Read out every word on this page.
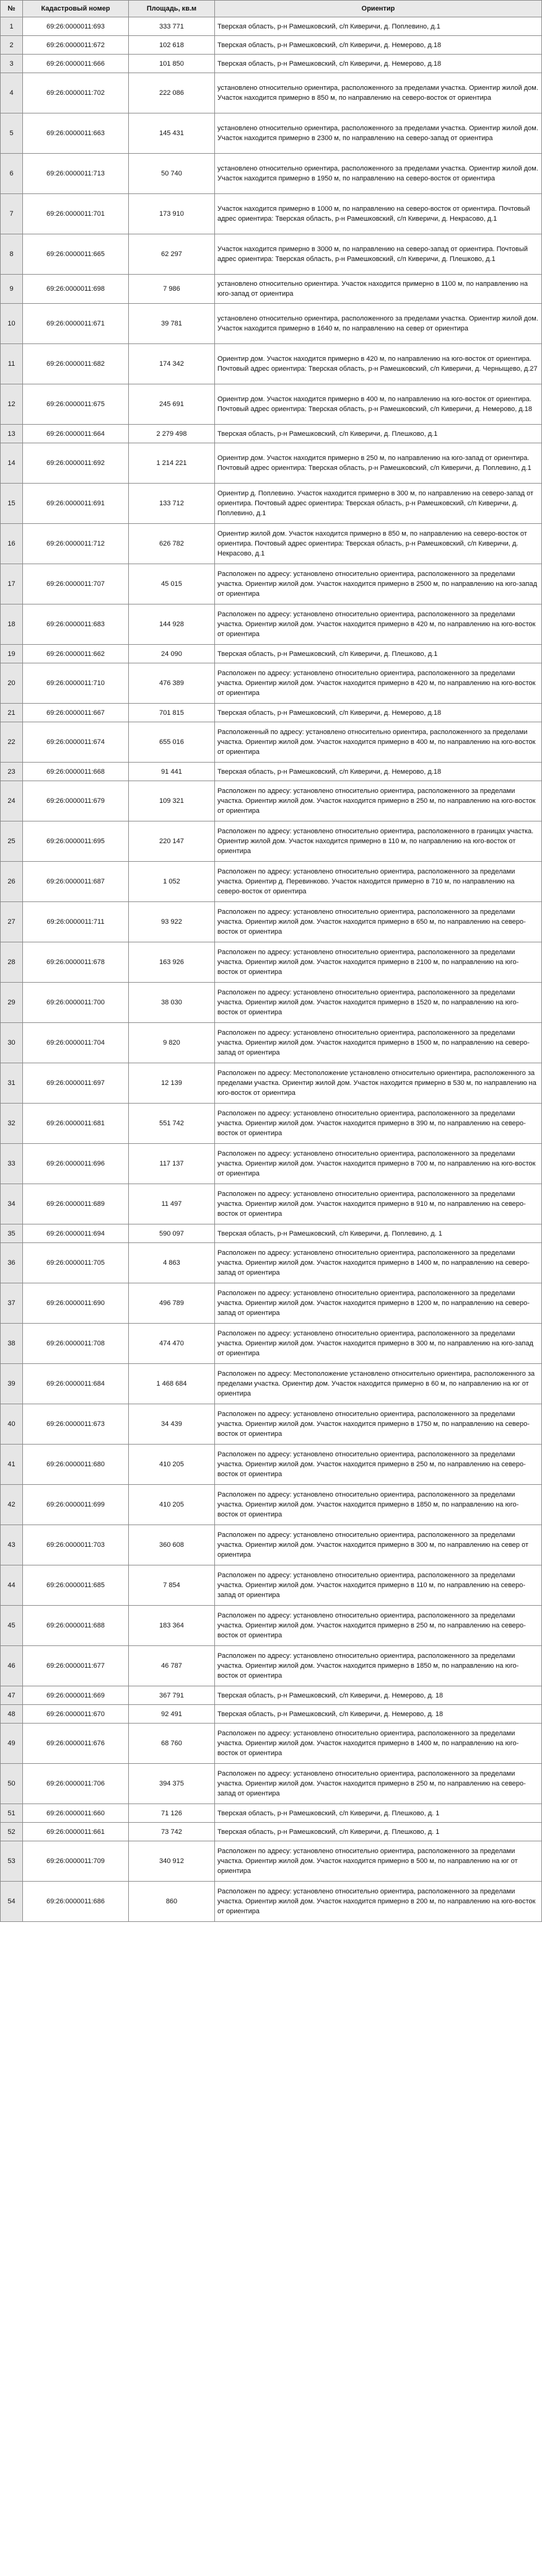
№	Кадастровый номер	Площадь, кв.м	Ориентир
1	69:26:0000011:693	333 771	Тверская область, р-н Рамешковский, с/п Киверичи, д. Поплевино, д.1
2	69:26:0000011:672	102 618	Тверская область, р-н Рамешковский, с/п Киверичи, д. Немерово, д.18
3	69:26:0000011:666	101 850	Тверская область, р-н Рамешковский, с/п Киверичи, д. Немерово, д.18
4	69:26:0000011:702	222 086	установлено относительно ориентира, расположенного за пределами участка. Ориентир жилой дом. Участок находится примерно в 850 м, по направлению на северо-восток от ориентира
5	69:26:0000011:663	145 431	установлено относительно ориентира, расположенного за пределами участка. Ориентир жилой дом. Участок находится примерно в 2300 м, по направлению на северо-запад от ориентира
6	69:26:0000011:713	50 740	установлено относительно ориентира, расположенного за пределами участка. Ориентир жилой дом. Участок находится примерно в 1950 м, по направлению на северо-восток от ориентира
7	69:26:0000011:701	173 910	Участок находится примерно в 1000 м, по направлению на северо-восток от ориентира. Почтовый адрес ориентира: Тверская область, р-н Рамешковский, с/п Киверичи, д. Некрасово, д.1
8	69:26:0000011:665	62 297	Участок находится примерно в 3000 м, по направлению на северо-запад от ориентира. Почтовый адрес ориентира: Тверская область, р-н Рамешковский, с/п Киверичи, д. Плешково, д.1
9	69:26:0000011:698	7 986	установлено относительно ориентира. Участок находится примерно в 1100 м, по направлению на юго-запад от ориентира
10	69:26:0000011:671	39 781	установлено относительно ориентира, расположенного за пределами участка. Ориентир жилой дом. Участок находится примерно в 1640 м, по направлению на север от ориентира
11	69:26:0000011:682	174 342	Ориентир дом. Участок находится примерно в 420 м, по направлению на юго-восток от ориентира. Почтовый адрес ориентира: Тверская область, р-н Рамешковский, с/п Киверичи, д. Черныщево, д.27
12	69:26:0000011:675	245 691	Ориентир дом. Участок находится примерно в 400 м, по направлению на юго-восток от ориентира. Почтовый адрес ориентира: Тверская область, р-н Рамешковский, с/п Киверичи, д. Немерово, д.18
13	69:26:0000011:664	2 279 498	Тверская область, р-н Рамешковский, с/п Киверичи, д. Плешково, д.1
14	69:26:0000011:692	1 214 221	Ориентир дом. Участок находится примерно в 250 м, по направлению на юго-запад от ориентира. Почтовый адрес ориентира: Тверская область, р-н Рамешковский, с/п Киверичи, д. Поплевино, д.1
15	69:26:0000011:691	133 712	Ориентир д. Поплевино. Участок находится примерно в 300 м, по направлению на северо-запад от ориентира. Почтовый адрес ориентира: Тверская область, р-н Рамешковский, с/п Киверичи, д. Поплевино, д.1
16	69:26:0000011:712	626 782	Ориентир жилой дом. Участок находится примерно в 850 м, по направлению на северо-восток от ориентира. Почтовый адрес ориентира: Тверская область, р-н Рамешковский, с/п Киверичи, д. Некрасово, д.1
17	69:26:0000011:707	45 015	Расположен по адресу: установлено относительно ориентира, расположенного за пределами участка. Ориентир жилой дом. Участок находится примерно в 2500 м, по направлению на юго-запад от ориентира
18	69:26:0000011:683	144 928	Расположен по адресу: установлено относительно ориентира, расположенного за пределами участка. Ориентир жилой дом. Участок находится примерно в 420 м, по направлению на юго-восток от ориентира
19	69:26:0000011:662	24 090	Тверская область, р-н Рамешковский, с/п Киверичи, д. Плешково, д.1
20	69:26:0000011:710	476 389	Расположен по адресу: установлено относительно ориентира, расположенного за пределами участка. Ориентир жилой дом. Участок находится примерно в 420 м, по направлению на юго-восток от ориентира
21	69:26:0000011:667	701 815	Тверская область, р-н Рамешковский, с/п Киверичи, д. Немерово, д.18
22	69:26:0000011:674	655 016	Расположенный по адресу: установлено относительно ориентира, расположенного за пределами участка. Ориентир жилой дом. Участок находится примерно в 400 м, по направлению на юго-восток от ориентира
23	69:26:0000011:668	91 441	Тверская область, р-н Рамешковский, с/п Киверичи, д. Немерово, д.18
24	69:26:0000011:679	109 321	Расположен по адресу: установлено относительно ориентира, расположенного за пределами участка. Ориентир жилой дом. Участок находится примерно в 250 м, по направлению на юго-восток от ориентира
25	69:26:0000011:695	220 147	Расположен по адресу: установлено относительно ориентира, расположенного в границах участка. Ориентир жилой дом. Участок находится примерно в 110 м, по направлению на юго-восток от ориентира
26	69:26:0000011:687	1 052	Расположен по адресу: установлено относительно ориентира, расположенного за пределами участка. Ориентир д. Перевинково. Участок находится примерно в 710 м, по направлению на северо-восток от ориентира
27	69:26:0000011:711	93 922	Расположен по адресу: установлено относительно ориентира, расположенного за пределами участка. Ориентир жилой дом. Участок находится примерно в 650 м, по направлению на северо-восток от ориентира
28	69:26:0000011:678	163 926	Расположен по адресу: установлено относительно ориентира, расположенного за пределами участка. Ориентир жилой дом. Участок находится примерно в 2100 м, по направлению на юго-восток от ориентира
29	69:26:0000011:700	38 030	Расположен по адресу: установлено относительно ориентира, расположенного за пределами участка. Ориентир жилой дом. Участок находится примерно в 1520 м, по направлению на юго-восток от ориентира
30	69:26:0000011:704	9 820	Расположен по адресу: установлено относительно ориентира, расположенного за пределами участка. Ориентир жилой дом. Участок находится примерно в 1500 м, по направлению на северо-запад от ориентира
31	69:26:0000011:697	12 139	Расположен по адресу: Местоположение установлено относительно ориентира, расположенного за пределами участка. Ориентир жилой дом. Участок находится примерно в 530 м, по направлению на юго-восток от ориентира
32	69:26:0000011:681	551 742	Расположен по адресу: установлено относительно ориентира, расположенного за пределами участка. Ориентир жилой дом. Участок находится примерно в 390 м, по направлению на северо-восток от ориентира
33	69:26:0000011:696	117 137	Расположен по адресу: установлено относительно ориентира, расположенного за пределами участка. Ориентир жилой дом. Участок находится примерно в 700 м, по направлению на юго-восток от ориентира
34	69:26:0000011:689	11 497	Расположен по адресу: установлено относительно ориентира, расположенного за пределами участка. Ориентир жилой дом. Участок находится примерно в 910 м, по направлению на северо-восток от ориентира
35	69:26:0000011:694	590 097	Тверская область, р-н Рамешковский, с/п Киверичи, д. Поплевино, д. 1
36	69:26:0000011:705	4 863	Расположен по адресу: установлено относительно ориентира, расположенного за пределами участка. Ориентир жилой дом. Участок находится примерно в 1400 м, по направлению на северо-запад от ориентира
37	69:26:0000011:690	496 789	Расположен по адресу: установлено относительно ориентира, расположенного за пределами участка. Ориентир жилой дом. Участок находится примерно в 1200 м, по направлению на северо-запад от ориентира
38	69:26:0000011:708	474 470	Расположен по адресу: установлено относительно ориентира, расположенного за пределами участка. Ориентир жилой дом. Участок находится примерно в 300 м, по направлению на юго-запад от ориентира
39	69:26:0000011:684	1 468 684	Расположен по адресу: Местоположение установлено относительно ориентира, расположенного за пределами участка. Ориентир дом. Участок находится примерно в 60 м, по направлению на юг от ориентира
40	69:26:0000011:673	34 439	Расположен по адресу: установлено относительно ориентира, расположенного за пределами участка. Ориентир жилой дом. Участок находится примерно в 1750 м, по направлению на северо-восток от ориентира
41	69:26:0000011:680	410 205	Расположен по адресу: установлено относительно ориентира, расположенного за пределами участка. Ориентир жилой дом. Участок находится примерно в 250 м, по направлению на северо-восток от ориентира
42	69:26:0000011:699	410 205	Расположен по адресу: установлено относительно ориентира, расположенного за пределами участка. Ориентир жилой дом. Участок находится примерно в 1850 м, по направлению на юго-восток от ориентира
43	69:26:0000011:703	360 608	Расположен по адресу: установлено относительно ориентира, расположенного за пределами участка. Ориентир жилой дом. Участок находится примерно в 300 м, по направлению на север от ориентира
44	69:26:0000011:685	7 854	Расположен по адресу: установлено относительно ориентира, расположенного за пределами участка. Ориентир жилой дом. Участок находится примерно в 110 м, по направлению на северо-запад от ориентира
45	69:26:0000011:688	183 364	Расположен по адресу: установлено относительно ориентира, расположенного за пределами участка. Ориентир жилой дом. Участок находится примерно в 250 м, по направлению на северо-восток от ориентира
46	69:26:0000011:677	46 787	Расположен по адресу: установлено относительно ориентира, расположенного за пределами участка. Ориентир жилой дом. Участок находится примерно в 1850 м, по направлению на юго-восток от ориентира
47	69:26:0000011:669	367 791	Тверская область, р-н Рамешковский, с/п Киверичи, д. Немерово, д. 18
48	69:26:0000011:670	92 491	Тверская область, р-н Рамешковский, с/п Киверичи, д. Немерово, д. 18
49	69:26:0000011:676	68 760	Расположен по адресу: установлено относительно ориентира, расположенного за пределами участка. Ориентир жилой дом. Участок находится примерно в 1400 м, по направлению на юго-восток от ориентира
50	69:26:0000011:706	394 375	Расположен по адресу: установлено относительно ориентира, расположенного за пределами участка. Ориентир жилой дом. Участок находится примерно в 250 м, по направлению на северо-запад от ориентира
51	69:26:0000011:660	71 126	Тверская область, р-н Рамешковский, с/п Киверичи, д. Плешково, д. 1
52	69:26:0000011:661	73 742	Тверская область, р-н Рамешковский, с/п Киверичи, д. Плешково, д. 1
53	69:26:0000011:709	340 912	Расположен по адресу: установлено относительно ориентира, расположенного за пределами участка. Ориентир жилой дом. Участок находится примерно в 500 м, по направлению на юг от ориентира
54	69:26:0000011:686	860	Расположен по адресу: установлено относительно ориентира, расположенного за пределами участка. Ориентир жилой дом. Участок находится примерно в 200 м, по направлению на юго-восток от ориентира
